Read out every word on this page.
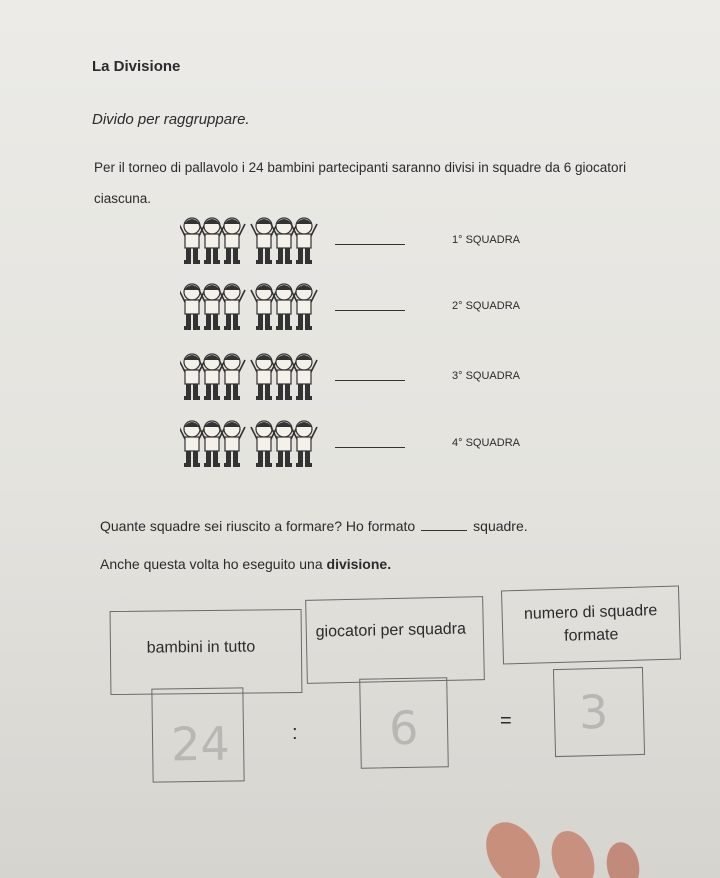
La Divisione
Divido per raggruppare.
Per il torneo di pallavolo i 24 bambini partecipanti saranno divisi in squadre da 6 giocatori ciascuna.
1° SQUADRA
2° SQUADRA
3° SQUADRA
4° SQUADRA
Quante squadre sei riuscito a formare? Ho formato	squadre.
Anche questa volta ho eseguito una divisione.
bambini in tutto
giocatori per squadra
numero di squadre formate
24	: 6	= 3
